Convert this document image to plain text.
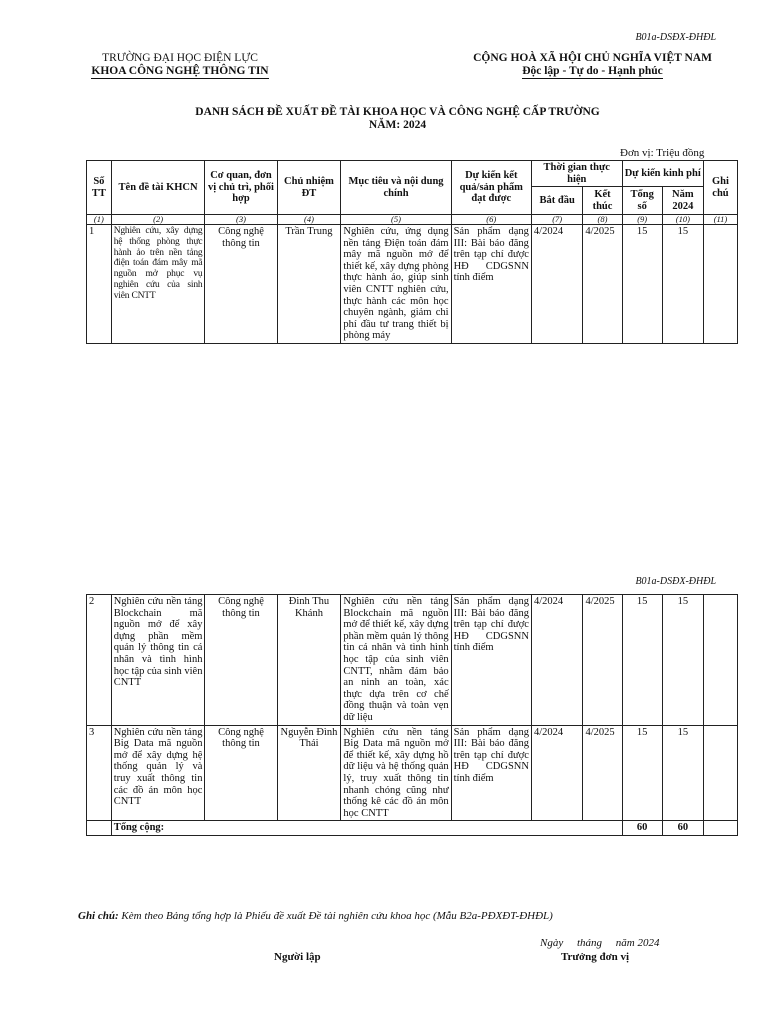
B01a-DSĐX-ĐHĐL
TRƯỜNG ĐẠI HỌC ĐIỆN LỰC
KHOA CÔNG NGHỆ THÔNG TIN
CỘNG HOÀ XÃ HỘI CHỦ NGHĨA VIỆT NAM
Độc lập - Tự do - Hạnh phúc
DANH SÁCH ĐỀ XUẤT ĐỀ TÀI KHOA HỌC VÀ CÔNG NGHỆ CẤP TRƯỜNG
NĂM: 2024
Đơn vị: Triệu đồng
Số TT	Tên đề tài KHCN	Cơ quan, đơn vị chủ trì, phối hợp	Chủ nhiệm ĐT	Mục tiêu và nội dung chính	Dự kiến kết quả/sản phẩm đạt được	Thời gian thực hiện		Dự kiến kinh phí		Ghi chú
						Bắt đầu	Kết thúc	Tổng số	Năm 2024	
(1)	(2)	(3)	(4)	(5)	(6)	(7)	(8)	(9)	(10)	(11)
1	Nghiên cứu, xây dựng hệ thống phòng thực hành ảo trên nền tảng điện toán đám mây mã nguồn mở phục vụ nghiên cứu của sinh viên CNTT	Công nghệ thông tin	Trần Trung	Nghiên cứu, ứng dụng nền tảng Điện toán đám mây mã nguồn mở để thiết kế, xây dựng phòng thực hành ảo, giúp sinh viên CNTT nghiên cứu, thực hành các môn học chuyên ngành, giảm chi phí đầu tư trang thiết bị phòng máy	Sản phẩm dạng III: Bài báo đăng trên tạp chí được HĐ CDGSNN tính điểm	4/2024	4/2025	15	15	
B01a-DSĐX-ĐHĐL
2	Nghiên cứu nền tảng Blockchain mã nguồn mở để xây dựng phần mềm quản lý thông tin cá nhân và tình hình học tập của sinh viên CNTT	Công nghệ thông tin	Đinh Thu Khánh	Nghiên cứu nền tảng Blockchain mã nguồn mở để thiết kế, xây dựng phần mềm quản lý thông tin cá nhân và tình hình học tập của sinh viên CNTT, nhằm đảm bảo an ninh an toàn, xác thực dựa trên cơ chế đồng thuận và toàn vẹn dữ liệu	Sản phẩm dạng III: Bài báo đăng trên tạp chí được HĐ CDGSNN tính điểm	4/2024	4/2025	15	15	
3	Nghiên cứu nền tảng Big Data mã nguồn mở để xây dựng hệ thống quản lý và truy xuất thông tin các đồ án môn học CNTT	Công nghệ thông tin	Nguyễn Đình Thái	Nghiên cứu nền tảng Big Data mã nguồn mở để thiết kế, xây dựng hồ dữ liệu và hệ thống quản lý, truy xuất thông tin nhanh chóng cũng như thống kê các đồ án môn học CNTT	Sản phẩm dạng III: Bài báo đăng trên tạp chí được HĐ CDGSNN tính điểm	4/2024	4/2025	15	15	
	Tổng cộng:							60	60	
Ghi chú: Kèm theo Bảng tổng hợp là Phiếu đề xuất Đề tài nghiên cứu khoa học (Mẫu B2a-PĐXĐT-ĐHĐL)
Ngày     tháng     năm 2024
Người lập	Trưởng đơn vị
